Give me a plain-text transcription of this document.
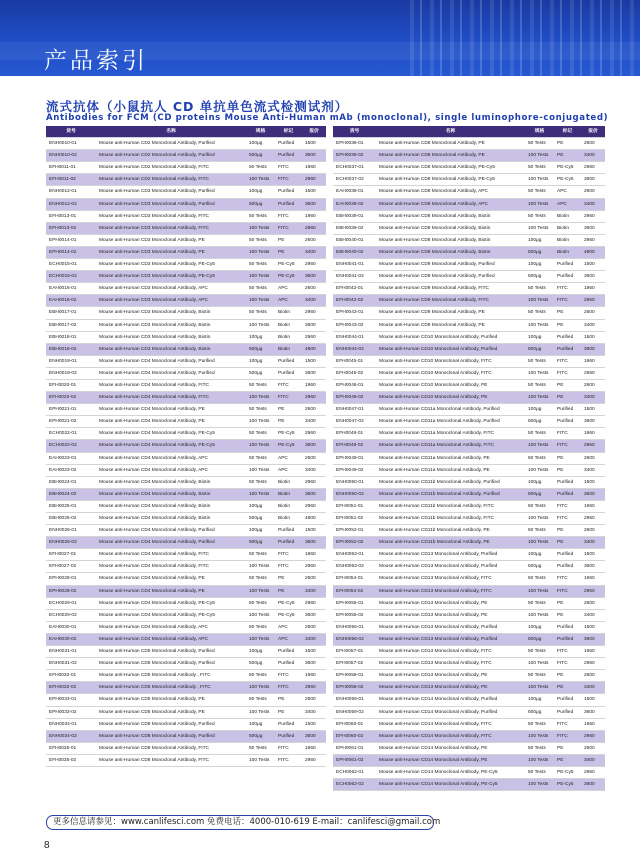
产品索引
流式抗体（小鼠抗人 CD 单抗单色流式检测试剂）
Antibodies for FCM (CD proteins Mouse Anti-Human mAb (monoclonal), single luminophore-conjugated)
货号	名称	规格	标记	报价
ENH0010-01	Mouse anti-Human CD2 Monoclonal Antibody, Purified	100μg	Purified	1500
ENH0010-02	Mouse anti-Human CD2 Monoclonal Antibody, Purified	500μg	Purified	3600
EFH0011-01	Mouse anti-Human CD2 Monoclonal Antibody, FITC	50 Tests	FITC	1960
EFH0011-02	Mouse anti-Human CD2 Monoclonal Antibody, FITC	100 Tests	FITC	2960
ENH0012-01	Mouse anti-Human CD3 Monoclonal Antibody, Purified	100μg	Purified	1500
ENH0012-02	Mouse anti-Human CD3 Monoclonal Antibody, Purified	500μg	Purified	3600
EFH0013-01	Mouse anti-Human CD3 Monoclonal Antibody, FITC	50 Tests	FITC	1960
EFH0013-02	Mouse anti-Human CD3 Monoclonal Antibody, FITC	100 Tests	FITC	2960
EPH0014-01	Mouse anti-Human CD3 Monoclonal Antibody, PE	50 Tests	PE	2600
EPH0014-02	Mouse anti-Human CD3 Monoclonal Antibody, PE	100 Tests	PE	3400
ECH0015-01	Mouse anti-Human CD3 Monoclonal Antibody, PE-Cy5	50 Tests	PE-Cy5	2960
ECH0015-02	Mouse anti-Human CD3 Monoclonal Antibody, PE-Cy5	100 Tests	PE-Cy5	3600
EAH0016-01	Mouse anti-Human CD3 Monoclonal Antibody, APC	50 Tests	APC	2600
EAH0016-02	Mouse anti-Human CD3 Monoclonal Antibody, APC	100 Tests	APC	3400
EBH0017-01	Mouse anti-Human CD3 Monoclonal Antibody, Biotin	50 Tests	Biotin	2960
EBH0017-02	Mouse anti-Human CD3 Monoclonal Antibody, Biotin	100 Tests	Biotin	3600
EBH0018-01	Mouse anti-Human CD3 Monoclonal Antibody, Biotin	100μg	Biotin	2960
EBH0018-02	Mouse anti-Human CD3 Monoclonal Antibody, Biotin	500μg	Biotin	4800
ENH0019-01	Mouse anti-Human CD4 Monoclonal Antibody, Purified	100μg	Purified	1500
ENH0019-02	Mouse anti-Human CD4 Monoclonal Antibody, Purified	500μg	Purified	3600
EFH0020-01	Mouse anti-Human CD4 Monoclonal Antibody, FITC	50 Tests	FITC	1960
EFH0020-02	Mouse anti-Human CD4 Monoclonal Antibody, FITC	100 Tests	FITC	2960
EPH0021-01	Mouse anti-Human CD4 Monoclonal Antibody, PE	50 Tests	PE	2600
EPH0021-02	Mouse anti-Human CD4 Monoclonal Antibody, PE	100 Tests	PE	3400
ECH0022-01	Mouse anti-Human CD4 Monoclonal Antibody, PE-Cy5	50 Tests	PE-Cy5	2960
ECH0022-02	Mouse anti-Human CD4 Monoclonal Antibody, PE-Cy5	100 Tests	PE-Cy5	3600
EAH0023-01	Mouse anti-Human CD4 Monoclonal Antibody, APC	50 Tests	APC	2600
EAH0023-02	Mouse anti-Human CD4 Monoclonal Antibody, APC	100 Tests	APC	3400
EBH0024-01	Mouse anti-Human CD4 Monoclonal Antibody, Biotin	50 Tests	Biotin	2960
EBH0024-02	Mouse anti-Human CD4 Monoclonal Antibody, Biotin	100 Tests	Biotin	3600
EBH0025-01	Mouse anti-Human CD4 Monoclonal Antibody, Biotin	100μg	Biotin	2960
EBH0025-02	Mouse anti-Human CD4 Monoclonal Antibody, Biotin	500μg	Biotin	4800
ENH0026-01	Mouse anti-Human CD4 Monoclonal Antibody, Purified	100μg	Purified	1500
ENH0026-02	Mouse anti-Human CD4 Monoclonal Antibody, Purified	500μg	Purified	3600
EFH0027-01	Mouse anti-Human CD4 Monoclonal Antibody, FITC	50 Tests	FITC	1960
EFH0027-02	Mouse anti-Human CD4 Monoclonal Antibody, FITC	100 Tests	FITC	2960
EPH0028-01	Mouse anti-Human CD4 Monoclonal Antibody, PE	50 Tests	PE	2600
EPH0028-02	Mouse anti-Human CD4 Monoclonal Antibody, PE	100 Tests	PE	3400
ECH0029-01	Mouse anti-Human CD4 Monoclonal Antibody, PE-Cy5	50 Tests	PE-Cy5	2960
ECH0029-02	Mouse anti-Human CD4 Monoclonal Antibody, PE-Cy5	100 Tests	PE-Cy5	3600
EAH0030-01	Mouse anti-Human CD4 Monoclonal Antibody, APC	50 Tests	APC	2600
EAH0030-02	Mouse anti-Human CD4 Monoclonal Antibody, APC	100 Tests	APC	3400
ENH0031-01	Mouse anti-Human CD5 Monoclonal Antibody, Purified	100μg	Purified	1500
ENH0031-02	Mouse anti-Human CD5 Monoclonal Antibody, Purified	500μg	Purified	3600
EFH0032-01	Mouse anti-Human CD5 Monoclonal Antibody , FITC	50 Tests	FITC	1960
EFH0032-02	Mouse anti-Human CD5 Monoclonal Antibody , FITC	100 Tests	FITC	2960
EPH0033-01	Mouse anti-Human CD5 Monoclonal Antibody, PE	50 Tests	PE	2600
EPH0033-02	Mouse anti-Human CD5 Monoclonal Antibody, PE	100 Tests	PE	3400
ENH0034-01	Mouse anti-Human CD8 Monoclonal Antibody, Purified	100μg	Purified	1500
ENH0034-02	Mouse anti-Human CD8 Monoclonal Antibody, Purified	500μg	Purified	3600
EFH0035-01	Mouse anti-Human CD8 Monoclonal Antibody, FITC	50 Tests	FITC	1960
EFH0035-02	Mouse anti-Human CD8 Monoclonal Antibody, FITC	100 Tests	FITC	2960
货号	名称	规格	标记	报价
EPH0036-01	Mouse anti-Human CD8 Monoclonal Antibody, PE	50 Tests	PE	2600
EPH0036-02	Mouse anti-Human CD8 Monoclonal Antibody, PE	100 Tests	PE	3400
ECH0037-01	Mouse anti-Human CD8 Monoclonal Antibody, PE-Cy5	50 Tests	PE-Cy5	2960
ECH0037-02	Mouse anti-Human CD8 Monoclonal Antibody, PE-Cy5	100 Tests	PE-Cy5	3600
EAH0038-01	Mouse anti-Human CD8 Monoclonal Antibody, APC	50 Tests	APC	2600
EAH0038-02	Mouse anti-Human CD8 Monoclonal Antibody, APC	100 Tests	APC	3400
EBH0039-01	Mouse anti-Human CD8 Monoclonal Antibody, Biotin	50 Tests	Biotin	2960
EBH0039-02	Mouse anti-Human CD8 Monoclonal Antibody, Biotin	100 Tests	Biotin	3600
EBH0040-01	Mouse anti-Human CD8 Monoclonal Antibody, Biotin	100μg	Biotin	2960
EBH0040-02	Mouse anti-Human CD8 Monoclonal Antibody, Biotin	500μg	Biotin	4800
ENH0041-01	Mouse anti-Human CD9 Monoclonal Antibody, Purified	100μg	Purified	1500
ENH0041-02	Mouse anti-Human CD9 Monoclonal Antibody, Purified	500μg	Purified	3600
EFH0042-01	Mouse anti-Human CD9 Monoclonal Antibody, FITC	50 Tests	FITC	1960
EFH0042-02	Mouse anti-Human CD9 Monoclonal Antibody, FITC	100 Tests	FITC	2960
EPH0043-01	Mouse anti-Human CD9 Monoclonal Antibody, PE	50 Tests	PE	2600
EPH0043-02	Mouse anti-Human CD9 Monoclonal Antibody, PE	100 Tests	PE	3400
ENH0044-01	Mouse anti-Human CD10 Monoclonal Antibody, Purified	100μg	Purified	1500
ENH0044-02	Mouse anti-Human CD10 Monoclonal Antibody, Purified	500μg	Purified	3600
EFH0045-01	Mouse anti-Human CD10 Monoclonal Antibody, FITC	50 Tests	FITC	1960
EFH0045-02	Mouse anti-Human CD10 Monoclonal Antibody, FITC	100 Tests	FITC	2960
EPH0046-01	Mouse anti-Human CD10 Monoclonal Antibody, PE	50 Tests	PE	2600
EPH0046-02	Mouse anti-Human CD10 Monoclonal Antibody, PE	100 Tests	PE	3400
ENH0047-01	Mouse anti-Human CD11a Monoclonal Antibody, Purified	100μg	Purified	1500
ENH0047-02	Mouse anti-Human CD11a Monoclonal Antibody, Purified	500μg	Purified	3600
EFH0048-01	Mouse anti-Human CD11a Monoclonal Antibody, FITC	50 Tests	FITC	1960
EFH0048-02	Mouse anti-Human CD11a Monoclonal Antibody, FITC	100 Tests	FITC	2960
EPH0049-01	Mouse anti-Human CD11a Monoclonal Antibody, PE	50 Tests	PE	2600
EPH0049-02	Mouse anti-Human CD11a Monoclonal Antibody, PE	100 Tests	PE	3400
ENH0050-01	Mouse anti-Human CD11b Monoclonal Antibody, Purified	100μg	Purified	1500
ENH0050-02	Mouse anti-Human CD11b Monoclonal Antibody, Purified	500μg	Purified	3600
EFH0051-01	Mouse anti-Human CD11b Monoclonal Antibody, FITC	50 Tests	FITC	1960
EFH0051-02	Mouse anti-Human CD11b Monoclonal Antibody, FITC	100 Tests	FITC	2960
EPH0052-01	Mouse anti-Human CD11b Monoclonal Antibody, PE	50 Tests	PE	2600
EPH0052-02	Mouse anti-Human CD11b Monoclonal Antibody, PE	100 Tests	PE	3400
ENH0053-01	Mouse anti-Human CD13 Monoclonal Antibody, Purified	100μg	Purified	1500
ENH0053-02	Mouse anti-Human CD13 Monoclonal Antibody, Purified	500μg	Purified	3600
EFH0054-01	Mouse anti-Human CD13 Monoclonal Antibody, FITC	50 Tests	FITC	1960
EFH0054-02	Mouse anti-Human CD13 Monoclonal Antibody, FITC	100 Tests	FITC	2960
EPH0055-01	Mouse anti-Human CD13 Monoclonal Antibody, PE	50 Tests	PE	2600
EPH0055-02	Mouse anti-Human CD13 Monoclonal Antibody, PE	100 Tests	PE	3400
ENH0056-01	Mouse anti-Human CD13 Monoclonal Antibody, Purified	100μg	Purified	1500
ENH0056-02	Mouse anti-Human CD13 Monoclonal Antibody, Purified	500μg	Purified	3600
EFH0057-01	Mouse anti-Human CD13 Monoclonal Antibody, FITC	50 Tests	FITC	1960
EFH0057-02	Mouse anti-Human CD13 Monoclonal Antibody, FITC	100 Tests	FITC	2960
EPH0058-01	Mouse anti-Human CD13 Monoclonal Antibody, PE	50 Tests	PE	2600
EPH0058-02	Mouse anti-Human CD13 Monoclonal Antibody, PE	100 Tests	PE	3400
ENH0059-01	Mouse anti-Human CD14 Monoclonal Antibody, Purified	100μg	Purified	1500
ENH0059-02	Mouse anti-Human CD14 Monoclonal Antibody, Purified	500μg	Purified	3600
EFH0060-01	Mouse anti-Human CD14 Monoclonal Antibody, FITC	50 Tests	FITC	1960
EFH0060-02	Mouse anti-Human CD14 Monoclonal Antibody, FITC	100 Tests	FITC	2960
EPH0061-01	Mouse anti-Human CD14 Monoclonal Antibody, PE	50 Tests	PE	2600
EPH0061-02	Mouse anti-Human CD14 Monoclonal Antibody, PE	100 Tests	PE	3400
ECH0062-01	Mouse anti-Human CD14 Monoclonal Antibody, PE-Cy5	50 Tests	PE-Cy5	2960
ECH0062-02	Mouse anti-Human CD14 Monoclonal Antibody, PE-Cy5	100 Tests	PE-Cy5	3600
更多信息请参见：www.canlifesci.com 免费电话：4000-010-619 E-mail：canlifesci@gmail.com
8
